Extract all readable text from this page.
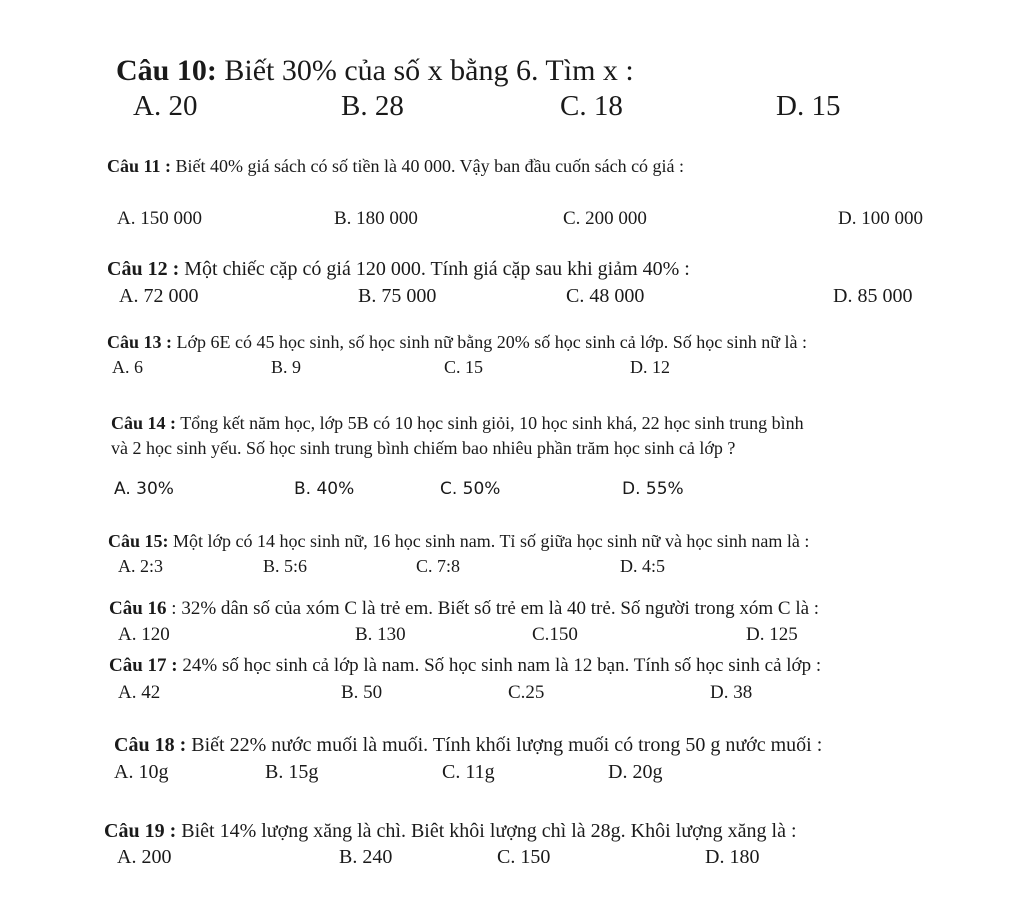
Câu 10: Biết 30% của số x bằng 6. Tìm x :
A. 20	B. 28	C. 18	D. 15
Câu 11 : Biết 40% giá sách có số tiền là 40 000. Vậy ban đầu cuốn sách có giá :
A. 150 000	B. 180 000	C. 200 000	D. 100 000
Câu 12 : Một chiếc cặp có giá 120 000. Tính giá cặp sau khi giảm 40% :
A. 72 000	B. 75 000	C. 48 000	D. 85 000
Câu 13 : Lớp 6E có 45 học sinh, số học sinh nữ bằng 20% số học sinh cả lớp. Số học sinh nữ là :
A. 6	B. 9	C. 15	D. 12
Câu 14 : Tổng kết năm học, lớp 5B có 10 học sinh giỏi, 10 học sinh khá, 22 học sinh trung bình
và 2 học sinh yếu. Số học sinh trung bình chiếm bao nhiêu phần trăm học sinh cả lớp ?
A. 30%	B. 40%	C. 50%	D. 55%
Câu 15: Một lớp có 14 học sinh nữ, 16 học sinh nam. Tỉ số giữa học sinh nữ và học sinh nam là :
A. 2:3	B. 5:6	C. 7:8	D. 4:5
Câu 16 : 32% dân số của xóm C là trẻ em. Biết số trẻ em là 40 trẻ. Số người trong xóm C là :
A. 120	B. 130	C.150	D. 125
Câu 17 : 24% số học sinh cả lớp là nam. Số học sinh nam là 12 bạn. Tính số học sinh cả lớp :
A. 42	B. 50	C.25	D. 38
Câu 18 : Biết 22% nước muối là muối. Tính khối lượng muối có trong 50 g nước muối :
A. 10g	B. 15g	C. 11g	D. 20g
Câu 19 : Biêt 14% lượng xăng là chì. Biêt khôi lượng chì là 28g. Khôi lượng xăng là :
A. 200	B. 240	C. 150	D. 180
